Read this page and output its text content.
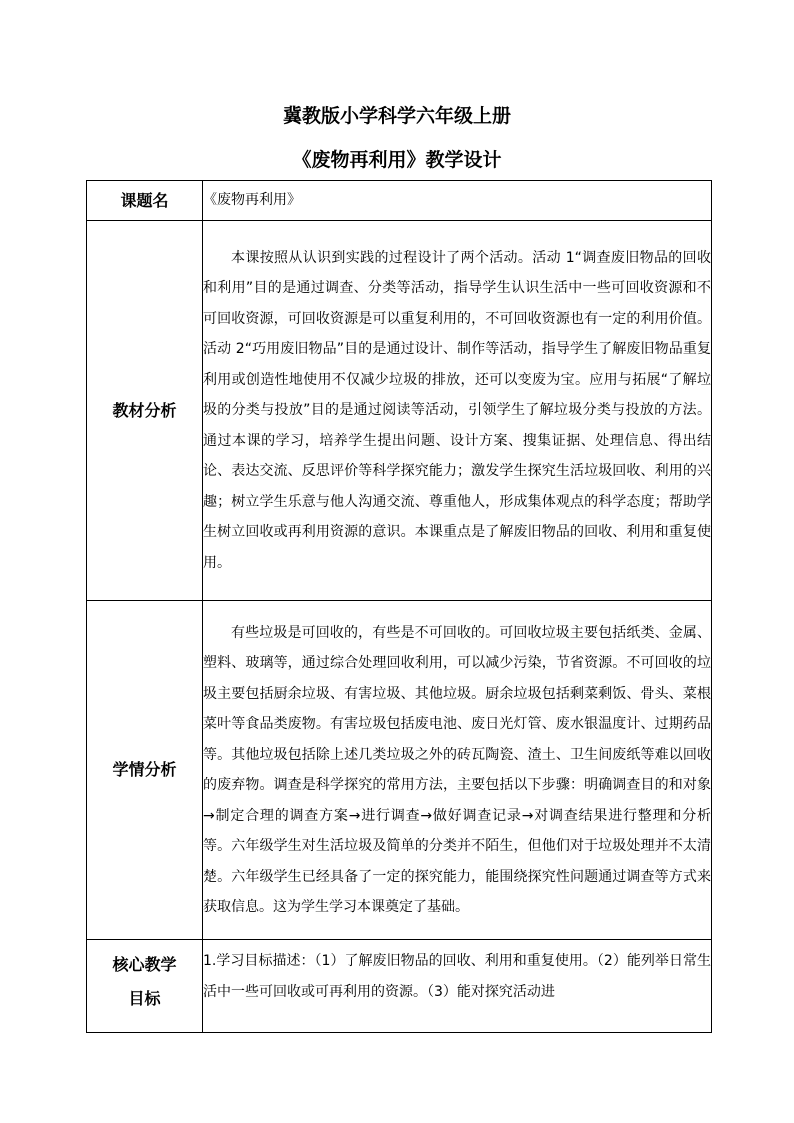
冀教版小学科学六年级上册
《废物再利用》教学设计
课题名	《废物再利用》

教材分析	本课按照从认识到实践的过程设计了两个活动。活动 1“调查废旧物品的回收和利用”目的是通过调查、分类等活动，指导学生认识生活中一些可回收资源和不可回收资源，可回收资源是可以重复利用的，不可回收资源也有一定的利用价值。活动 2“巧用废旧物品”目的是通过设计、制作等活动，指导学生了解废旧物品重复利用或创造性地使用不仅减少垃圾的排放，还可以变废为宝。应用与拓展“了解垃圾的分类与投放”目的是通过阅读等活动，引领学生了解垃圾分类与投放的方法。通过本课的学习，培养学生提出问题、设计方案、搜集证据、处理信息、得出结论、表达交流、反思评价等科学探究能力；激发学生探究生活垃圾回收、利用的兴趣；树立学生乐意与他人沟通交流、尊重他人，形成集体观点的科学态度；帮助学生树立回收或再利用资源的意识。本课重点是了解废旧物品的回收、利用和重复使用。

学情分析	有些垃圾是可回收的，有些是不可回收的。可回收垃圾主要包括纸类、金属、塑料、玻璃等，通过综合处理回收利用，可以减少污染，节省资源。不可回收的垃圾主要包括厨余垃圾、有害垃圾、其他垃圾。厨余垃圾包括剩菜剩饭、骨头、菜根菜叶等食品类废物。有害垃圾包括废电池、废日光灯管、废水银温度计、过期药品等。其他垃圾包括除上述几类垃圾之外的砖瓦陶瓷、渣土、卫生间废纸等难以回收的废弃物。调查是科学探究的常用方法，主要包括以下步骤：明确调查目的和对象→制定合理的调查方案→进行调查→做好调查记录→对调查结果进行整理和分析等。六年级学生对生活垃圾及简单的分类并不陌生，但他们对于垃圾处理并不太清楚。六年级学生已经具备了一定的探究能力，能围绕探究性问题通过调查等方式来获取信息。这为学生学习本课奠定了基础。

核心教学
目标	1.学习目标描述：（1）了解废旧物品的回收、利用和重复使用。（2）能列举日常生活中一些可回收或可再利用的资源。（3）能对探究活动进
